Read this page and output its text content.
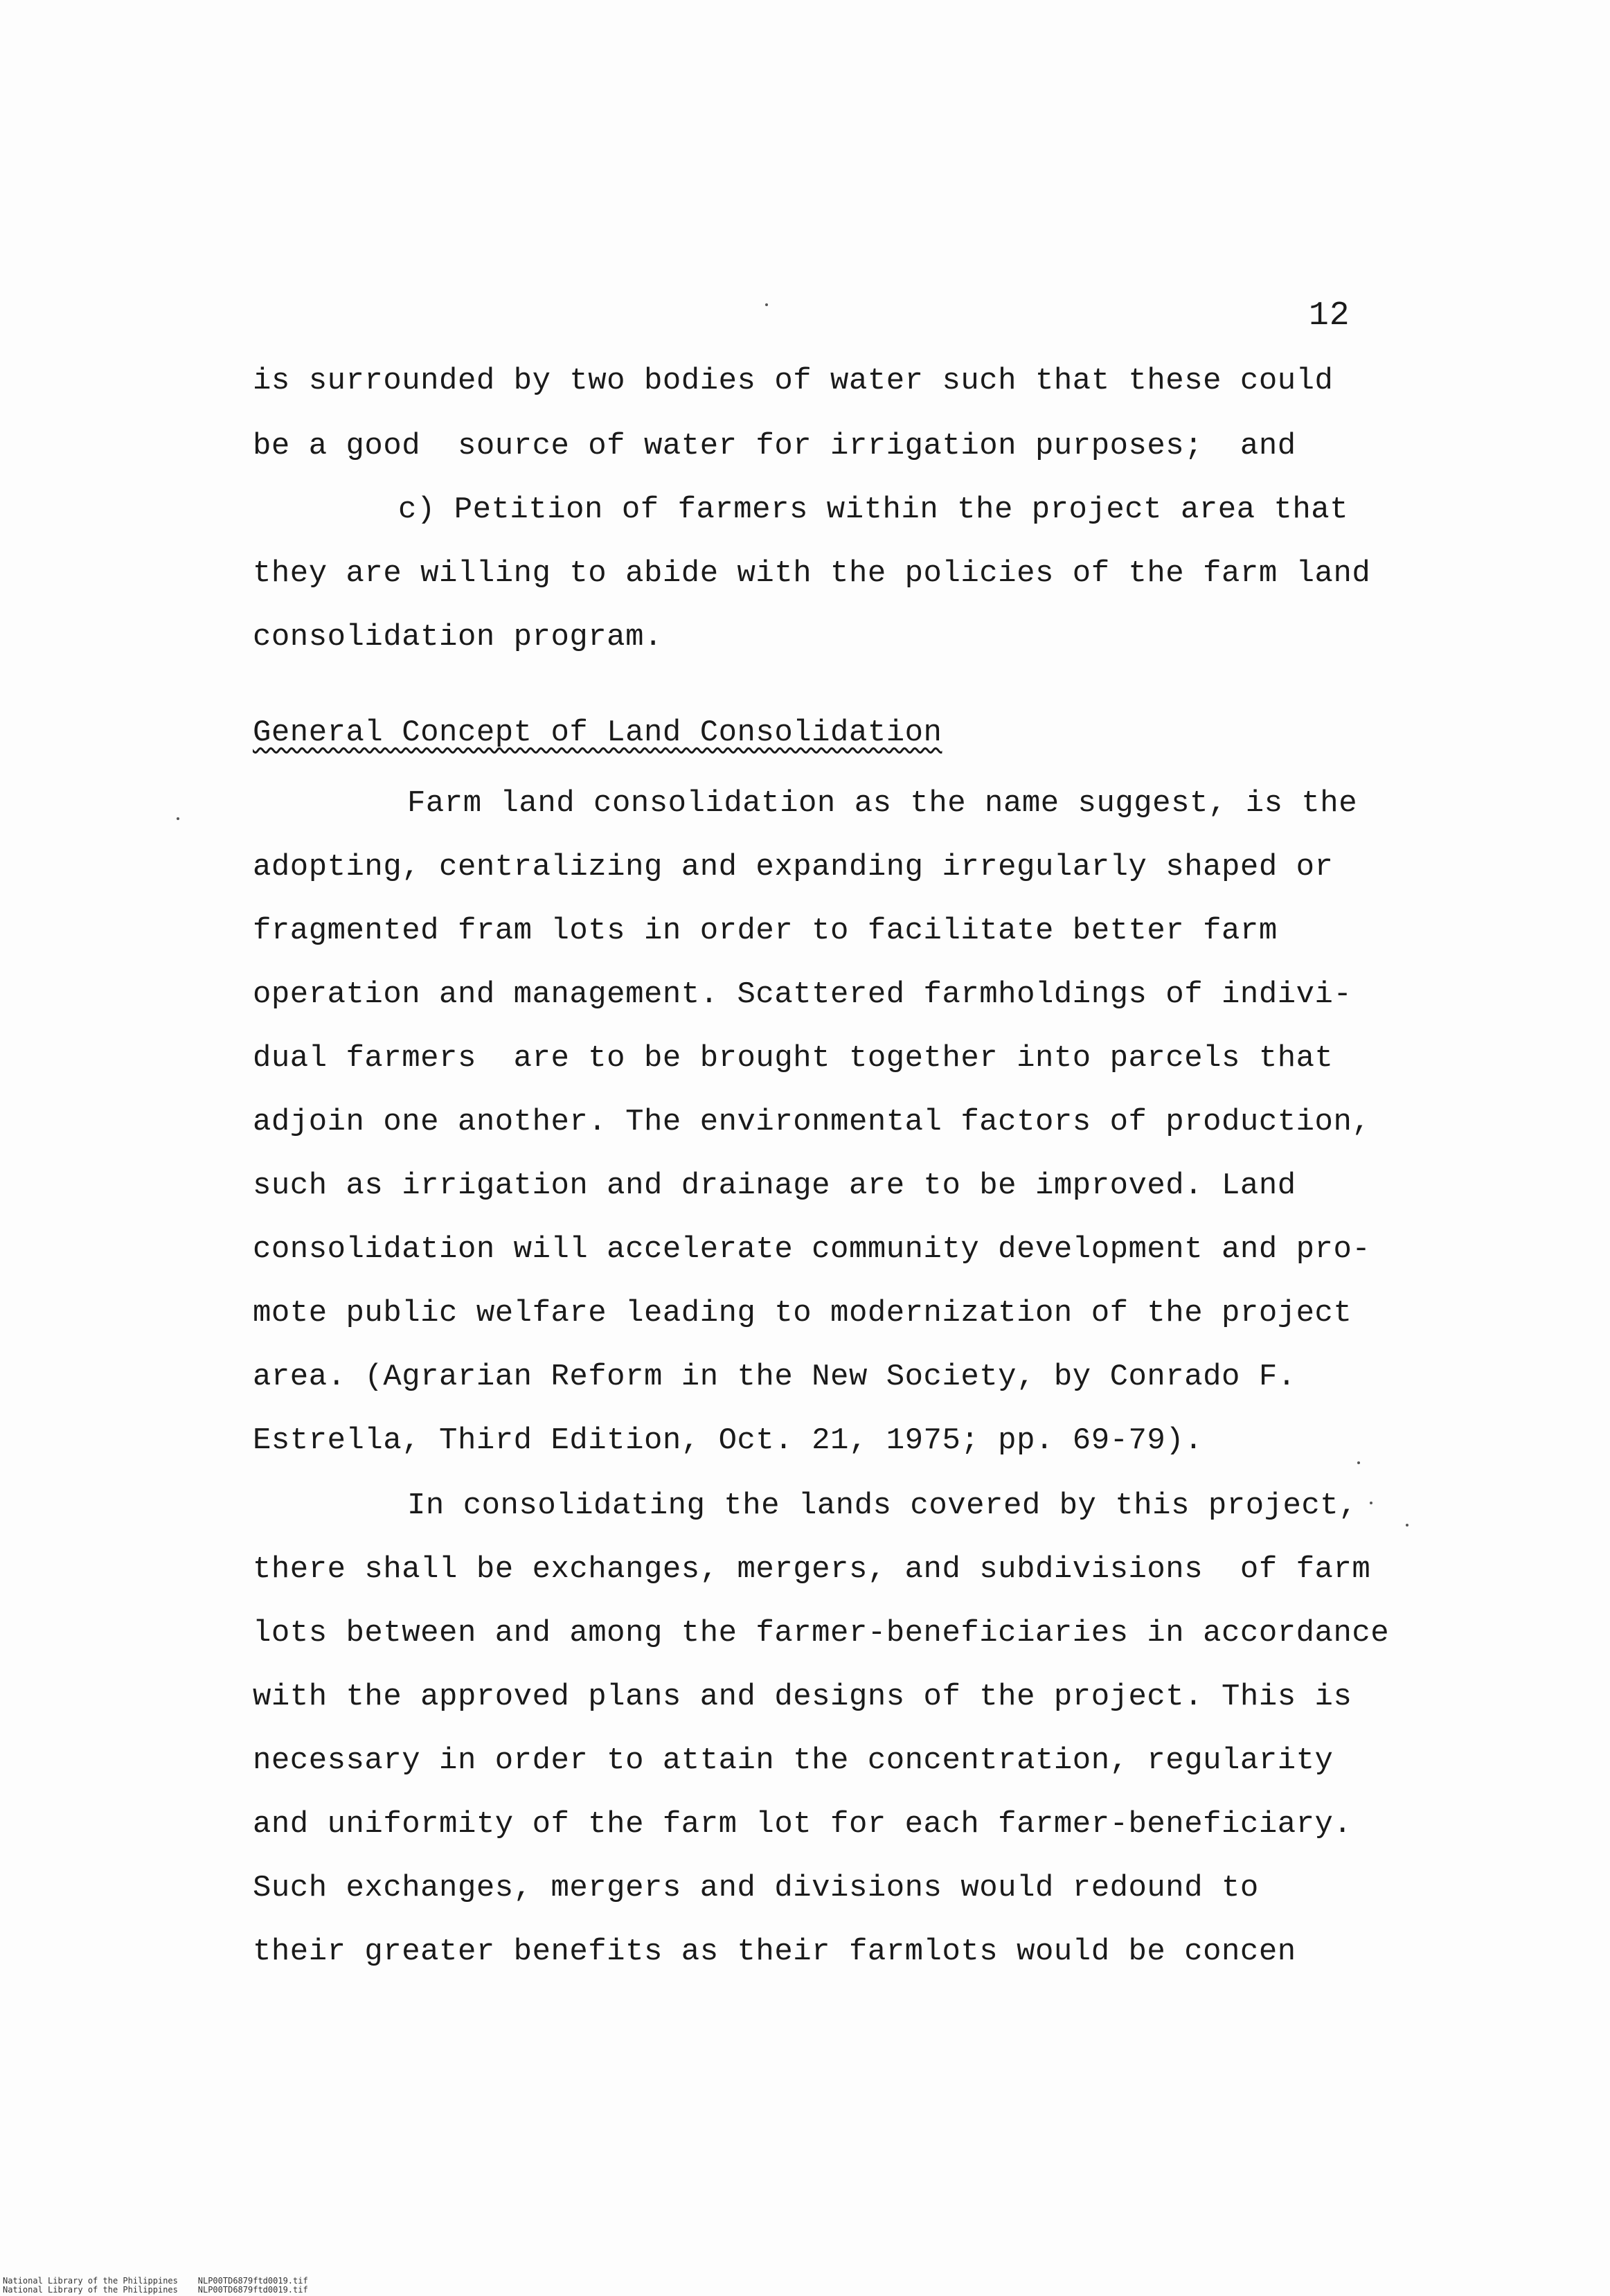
12
is surrounded by two bodies of water such that these could
be a good  source of water for irrigation purposes;  and
c) Petition of farmers within the project area that
they are willing to abide with the policies of the farm land
consolidation program.
General Concept of Land Consolidation
Farm land consolidation as the name suggest, is the
adopting, centralizing and expanding irregularly shaped or
fragmented fram lots in order to facilitate better farm
operation and management. Scattered farmholdings of indivi-
dual farmers  are to be brought together into parcels that
adjoin one another. The environmental factors of production,
such as irrigation and drainage are to be improved. Land
consolidation will accelerate community development and pro-
mote public welfare leading to modernization of the project
area. (Agrarian Reform in the New Society, by Conrado F.
Estrella, Third Edition, Oct. 21, 1975; pp. 69-79).
In consolidating the lands covered by this project,
there shall be exchanges, mergers, and subdivisions  of farm
lots between and among the farmer-beneficiaries in accordance
with the approved plans and designs of the project. This is
necessary in order to attain the concentration, regularity
and uniformity of the farm lot for each farmer-beneficiary.
Such exchanges, mergers and divisions would redound to
their greater benefits as their farmlots would be concen
National Library of the Philippines    NLP00TD6879ftd0019.tif
National Library of the Philippines    NLP00TD6879ftd0019.tif
